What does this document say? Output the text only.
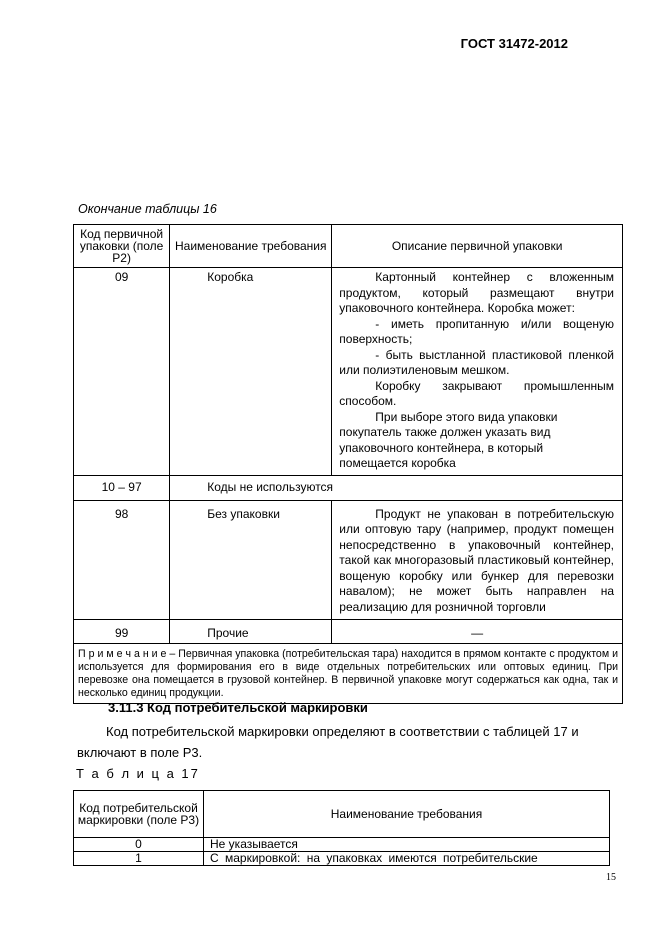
ГОСТ 31472-2012
Окончание таблицы 16
Код первичной упаковки (поле Р2)	Наименование требования	Описание первичной упаковки
09	Коробка	Картонный контейнер с вложенным продуктом, который размещают внутри упаковочного контейнера. Коробка может:

- иметь пропитанную и/или вощеную поверхность;

- быть выстланной пластиковой пленкой или полиэтиленовым мешком.

Коробку закрывают промышленным способом.

При выборе этого вида упаковки покупатель также должен указать вид упаковочного контейнера, в который помещается коробка

10 – 97	Коды не используются	
98	Без упаковки	Продукт не упакован в потребительскую или оптовую тару (например, продукт помещен непосредственно в упаковочный контейнер, такой как многоразовый пластиковый контейнер, вощеную коробку или бункер для перевозки навалом); не может быть направлен на реализацию для розничной торговли

99	Прочие	—
П р и м е ч а н и е – Первичная упаковка (потребительская тара) находится в прямом контакте с продуктом и используется для формирования его в виде отдельных потребительских или оптовых единиц. При перевозке она помещается в грузовой контейнер. В первичной упаковке могут содержаться как одна, так и несколько единиц продукции.		
3.11.3 Код потребительской маркировки
Код потребительской маркировки определяют в соответствии с таблицей 17 и
включают в поле Р3.
Т а б л и ц а 17
Код потребительской маркировки (поле Р3)	Наименование требования
0	Не указывается
1	С маркировкой: на упаковках имеются потребительские
15
